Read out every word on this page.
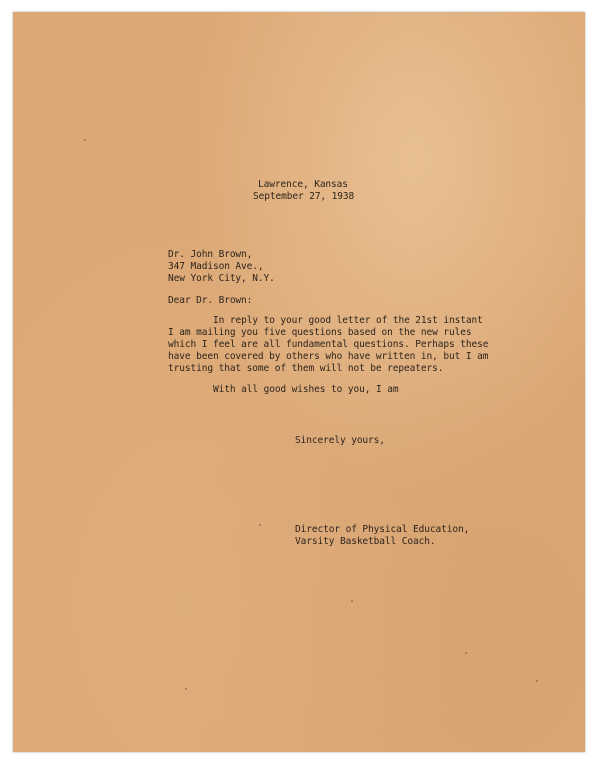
Lawrence, Kansas
September 27, 1938
Dr. John Brown,
347 Madison Ave.,
New York City, N.Y.
Dear Dr. Brown:
In reply to your good letter of the 21st instant
I am mailing you five questions based on the new rules
which I feel are all fundamental questions. Perhaps these
have been covered by others who have written in, but I am
trusting that some of them will not be repeaters.
With all good wishes to you, I am
Sincerely yours,
Director of Physical Education,
Varsity Basketball Coach.
